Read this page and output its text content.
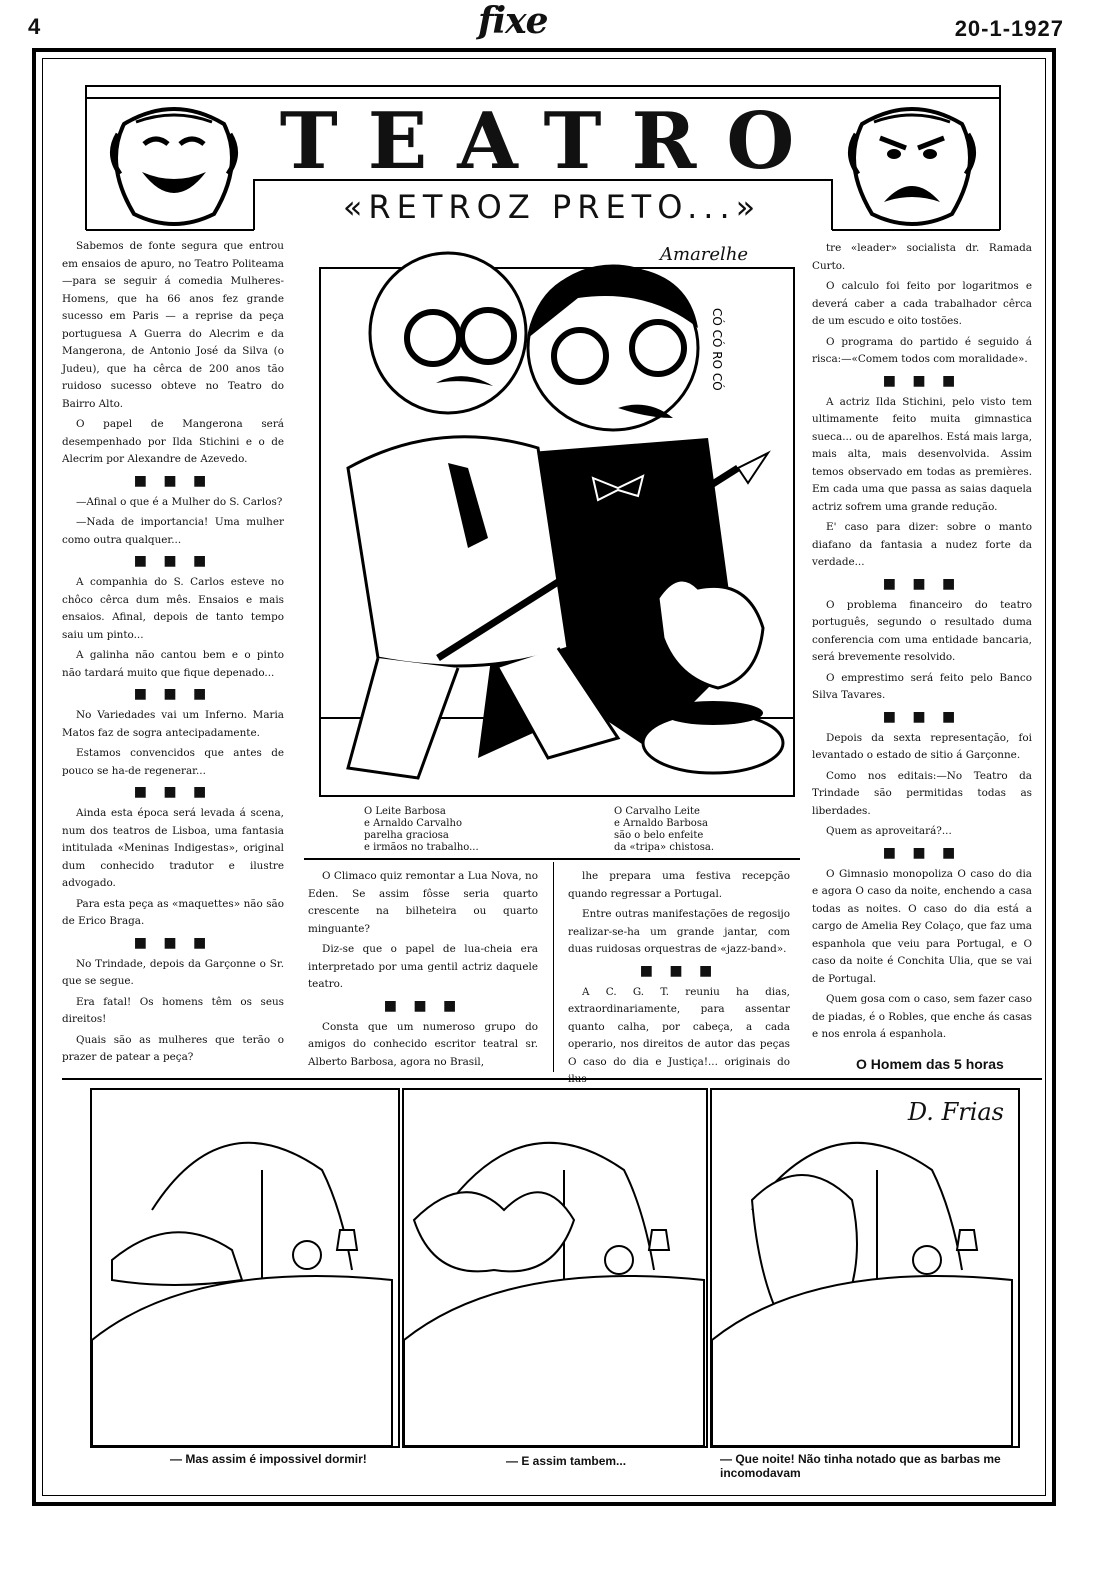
4	fixe	20-1-1927
TEATRO
«RETROZ PRETO...»

Sabemos de fonte segura que entrou em ensaios de apuro, no Teatro Politeama—para se seguir á comedia Mulheres-Homens, que ha 66 anos fez grande sucesso em Paris — a reprise da peça portuguesa A Guerra do Alecrim e da Mangerona, de Antonio José da Silva (o Judeu), que ha cêrca de 200 anos tão ruidoso sucesso obteve no Teatro do Bairro Alto.

O papel de Mangerona será desempenhado por Ilda Stichini e o de Alecrim por Alexandre de Azevedo.

■ ■ ■

—Afinal o que é a Mulher do S. Carlos?

—Nada de importancia! Uma mulher como outra qualquer...

■ ■ ■

A companhia do S. Carlos esteve no chôco cêrca dum mês. Ensaios e mais ensaios. Afinal, depois de tanto tempo saiu um pinto...

A galinha não cantou bem e o pinto não tardará muito que fique depenado...

■ ■ ■

No Variedades vai um Inferno. Maria Matos faz de sogra antecipadamente.

Estamos convencidos que antes de pouco se ha-de regenerar...

■ ■ ■

Ainda esta época será levada á scena, num dos teatros de Lisboa, uma fantasia intitulada «Meninas Indigestas», original dum conhecido tradutor e ilustre advogado.

Para esta peça as «maquettes» não são de Erico Braga.

■ ■ ■

No Trindade, depois da Garçonne o Sr. que se segue.

Era fatal! Os homens têm os seus direitos!

Quais são as mulheres que terão o prazer de patear a peça?

CÓ CÓ RO CÓ
Amarelhe
O Leite Barbosa
e Arnaldo Carvalho
parelha graciosa
e irmãos no trabalho...
O Carvalho Leite
e Arnaldo Barbosa
são o belo enfeite
da «tripa» chistosa.

O Climaco quiz remontar a Lua Nova, no Eden. Se assim fôsse seria quarto crescente na bilheteira ou quarto minguante?

Diz-se que o papel de lua-cheia era interpretado por uma gentil actriz daquele teatro.

■ ■ ■

Consta que um numeroso grupo do amigos do conhecido escritor teatral sr. Alberto Barbosa, agora no Brasil,

lhe prepara uma festiva recepção quando regressar a Portugal.

Entre outras manifestações de regosijo realizar-se-ha um grande jantar, com duas ruidosas orquestras de «jazz-band».

■ ■ ■

A C. G. T. reuniu ha dias, extraordinariamente, para assentar quanto calha, por cabeça, a cada operario, nos direitos de autor das peças O caso do dia e Justiça!... originais do ilus-

tre «leader» socialista dr. Ramada Curto.

O calculo foi feito por logaritmos e deverá caber a cada trabalhador cêrca de um escudo e oito tostões.

O programa do partido é seguido á risca:—«Comem todos com moralidade».

■ ■ ■

A actriz Ilda Stichini, pelo visto tem ultimamente feito muita gimnastica sueca... ou de aparelhos. Está mais larga, mais alta, mais desenvolvida. Assim temos observado em todas as premières. Em cada uma que passa as saias daquela actriz sofrem uma grande redução.

E' caso para dizer: sobre o manto diafano da fantasia a nudez forte da verdade...

■ ■ ■

O problema financeiro do teatro português, segundo o resultado duma conferencia com uma entidade bancaria, será brevemente resolvido.

O emprestimo será feito pelo Banco Silva Tavares.

■ ■ ■

Depois da sexta representação, foi levantado o estado de sitio á Garçonne.

Como nos editais:—No Teatro da Trindade são permitidas todas as liberdades.

Quem as aproveitará?...

■ ■ ■

O Gimnasio monopoliza O caso do dia e agora O caso da noite, enchendo a casa todas as noites. O caso do dia está a cargo de Amelia Rey Colaço, que faz uma espanhola que veiu para Portugal, e O caso da noite é Conchita Ulia, que se vai de Portugal.

Quem gosa com o caso, sem fazer caso de piadas, é o Robles, que enche ás casas e nos enrola á espanhola.

O Homem das 5 horas
D. Frias
— Mas assim é impossivel dormir!	— E assim tambem...	— Que noite! Não tinha notado que as barbas me incomodavam
